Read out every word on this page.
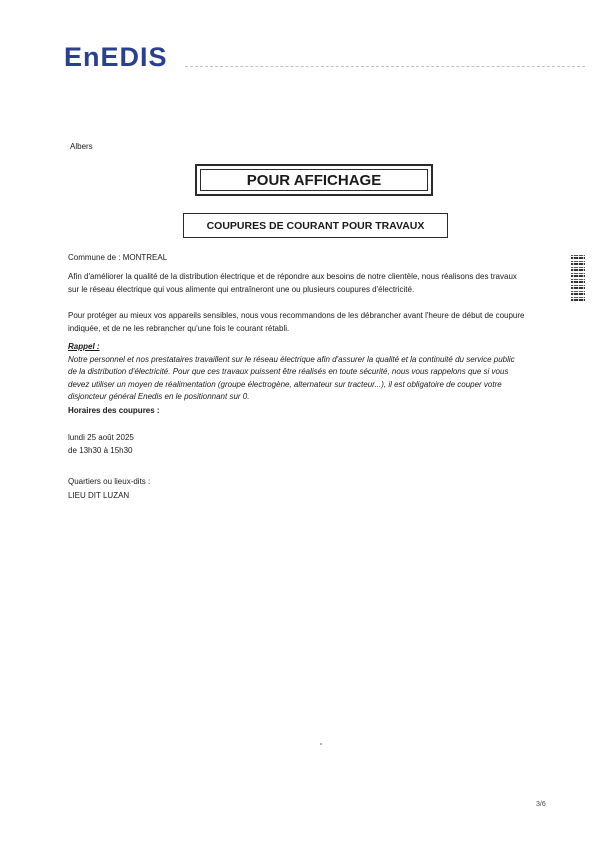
EnEDIS
Albers
POUR AFFICHAGE
COUPURES DE COURANT POUR TRAVAUX
Commune de : MONTREAL
Afin d'améliorer la qualité de la distribution électrique et de répondre aux besoins de notre clientèle, nous réalisons des travaux
sur le réseau électrique qui vous alimente qui entraîneront une ou plusieurs coupures d'électricité.
Pour protéger au mieux vos appareils sensibles, nous vous recommandons de les débrancher avant l'heure de début de coupure
indiquée, et de ne les rebrancher qu'une fois le courant rétabli.
Rappel :
Notre personnel et nos prestataires travaillent sur le réseau électrique afin d'assurer la qualité et la continuité du service public
de la distribution d'électricité. Pour que ces travaux puissent être réalisés en toute sécurité, nous vous rappelons que si vous
devez utiliser un moyen de réalimentation (groupe électrogène, alternateur sur tracteur...), il est obligatoire de couper votre
disjoncteur général Enedis en le positionnant sur 0.
Horaires des coupures :
lundi 25 août 2025
de 13h30 à 15h30
Quartiers ou lieux-dits :
LIEU DIT LUZAN
3/6
